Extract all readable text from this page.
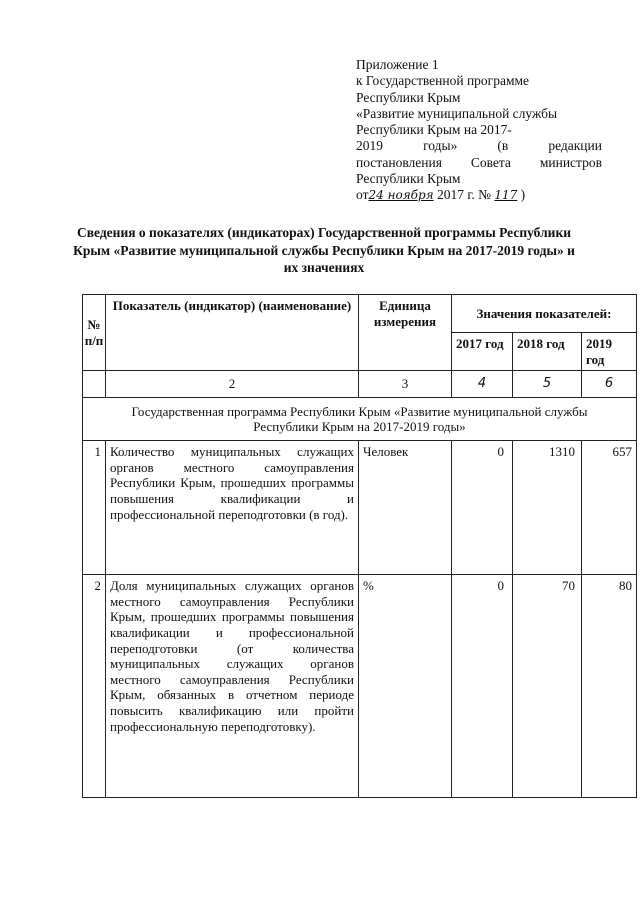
Приложение 1
к Государственной программе
Республики Крым
«Развитие муниципальной службы
Республики Крым на 2017-
2019	годы»	(в	редакции
постановления Совета министров
Республики Крым
от24 ноября 2017 г. № 117 )
Сведения о показателях (индикаторах) Государственной программы Республики Крым «Развитие муниципальной службы Республики Крым на 2017-2019 годы» и их значениях
№ п/п	Показатель (индикатор) (наименование)	Единица измерения	Значения показателей:		
			2017 год	2018 год	2019 год
	2	3	4	5	6
Государственная программа Республики Крым «Развитие муниципальной службы Республики Крым на 2017-2019 годы»					
1	Количество муниципальных служащих органов местного самоуправления Республики Крым, прошедших программы повышения квалификации и профессиональной переподготовки (в год).	Человек	0	1310	657
2	Доля муниципальных служащих органов местного самоуправления Республики Крым, прошедших программы повышения квалификации и профессиональной переподготовки (от количества муниципальных служащих органов местного самоуправления Республики Крым, обязанных в отчетном периоде повысить квалификацию или пройти профессиональную переподготовку).	%	0	70	80
